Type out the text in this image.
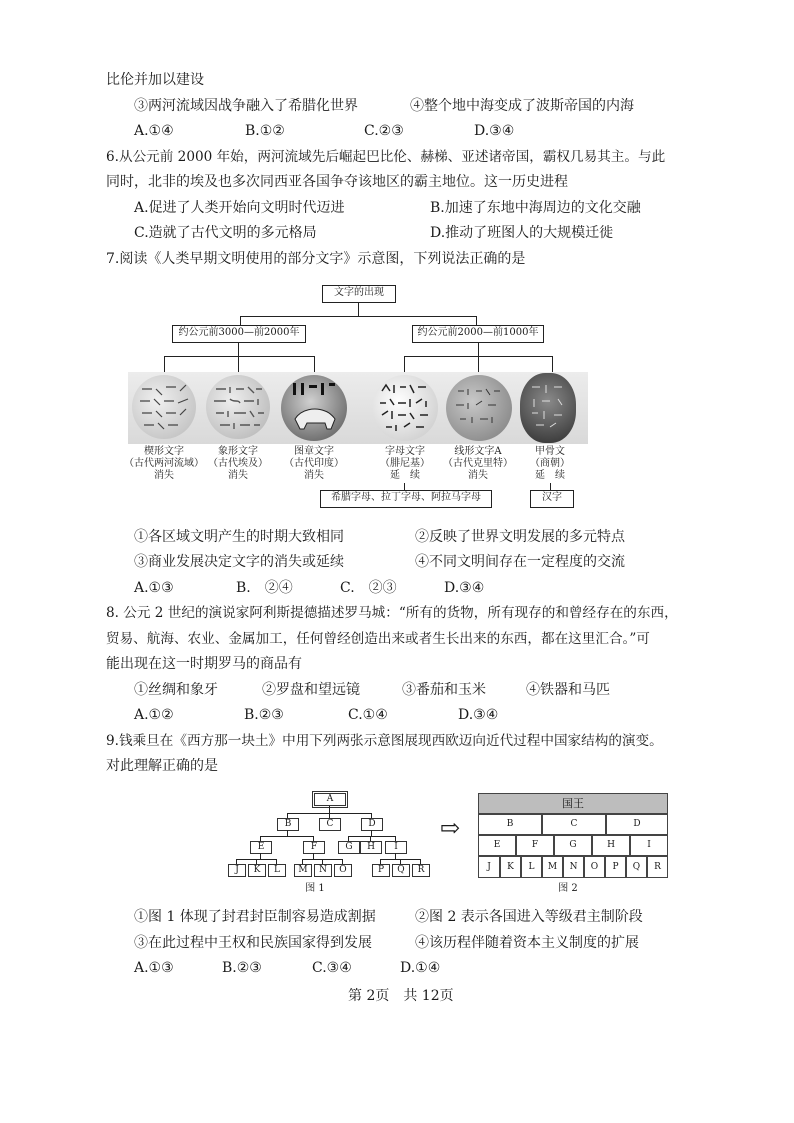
比伦并加以建设
③两河流域因战争融入了希腊化世界	④整个地中海变成了波斯帝国的内海
A.①④	B.①②	C.②③	D.③④
6.从公元前 2000 年始，两河流域先后崛起巴比伦、赫梯、亚述诸帝国，霸权几易其主。与此
同时，北非的埃及也多次同西亚各国争夺该地区的霸主地位。这一历史进程
A.促进了人类开始向文明时代迈进	B.加速了东地中海周边的文化交融
C.造就了古代文明的多元格局	D.推动了班图人的大规模迁徙
7.阅读《人类早期文明使用的部分文字》示意图，下列说法正确的是
文字的出现
约公元前3000—前2000年	约公元前2000—前1000年
楔形文字
（古代两河流域）
消失
象形文字
（古代埃及）
消失
图章文字
（古代印度）
消失
字母文字
（腓尼基）
延　续
线形文字A
（古代克里特）
消失
甲骨文
（商朝）
延　续
希腊字母、拉丁字母、阿拉马字母	汉字
①各区域文明产生的时期大致相同	②反映了世界文明发展的多元特点
③商业发展决定文字的消失或延续	④不同文明间存在一定程度的交流
A.①③	B.　②④	C.　②③	D.③④
8. 公元 2 世纪的演说家阿利斯提德描述罗马城：“所有的货物，所有现存的和曾经存在的东西，
贸易、航海、农业、金属加工，任何曾经创造出来或者生长出来的东西，都在这里汇合。”可
能出现在这一时期罗马的商品有
①丝绸和象牙	②罗盘和望远镜	③番茄和玉米	④铁器和马匹
A.①②	B.②③	C.①④	D.③④
9.钱乘旦在《西方那一块土》中用下列两张示意图展现西欧迈向近代过程中国家结构的演变。
对此理解正确的是
A
B	C	D
E	F	G	H	I
J	K	L	M	N	O	P	Q	R
图 1
⇨
国王
B	C	D
E	F	G	H	I
J	K	L	M	N	O	P	Q	R
图 2
①图 1 体现了封君封臣制容易造成割据	②图 2 表示各国进入等级君主制阶段
③在此过程中王权和民族国家得到发展	④该历程伴随着资本主义制度的扩展
A.①③	B.②③	C.③④	D.①④
第 2页　共 12页
